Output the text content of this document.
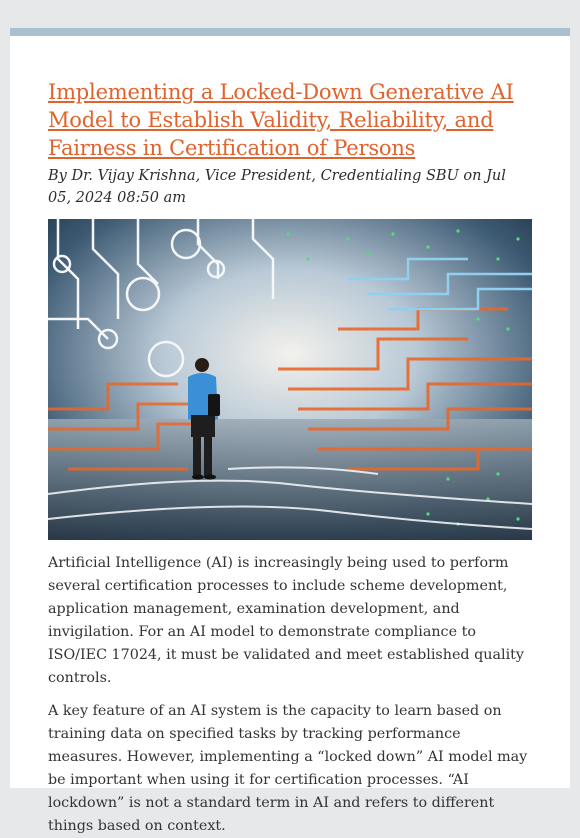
Implementing a Locked-Down Generative AI Model to Establish Validity, Reliability, and Fairness in Certification of Persons
By Dr. Vijay Krishna, Vice President, Credentialing SBU on Jul 05, 2024 08:50 am

Artificial Intelligence (AI) is increasingly being used to perform several certification processes to include scheme development, application management, examination development, and invigilation. For an AI model to demonstrate compliance to ISO/IEC 17024, it must be validated and meet established quality controls.

A key feature of an AI system is the capacity to learn based on training data on specified tasks by tracking performance measures. However, implementing a “locked down” AI model may be important when using it for certification processes. “AI lockdown” is not a standard term in AI and refers to different things based on context.
